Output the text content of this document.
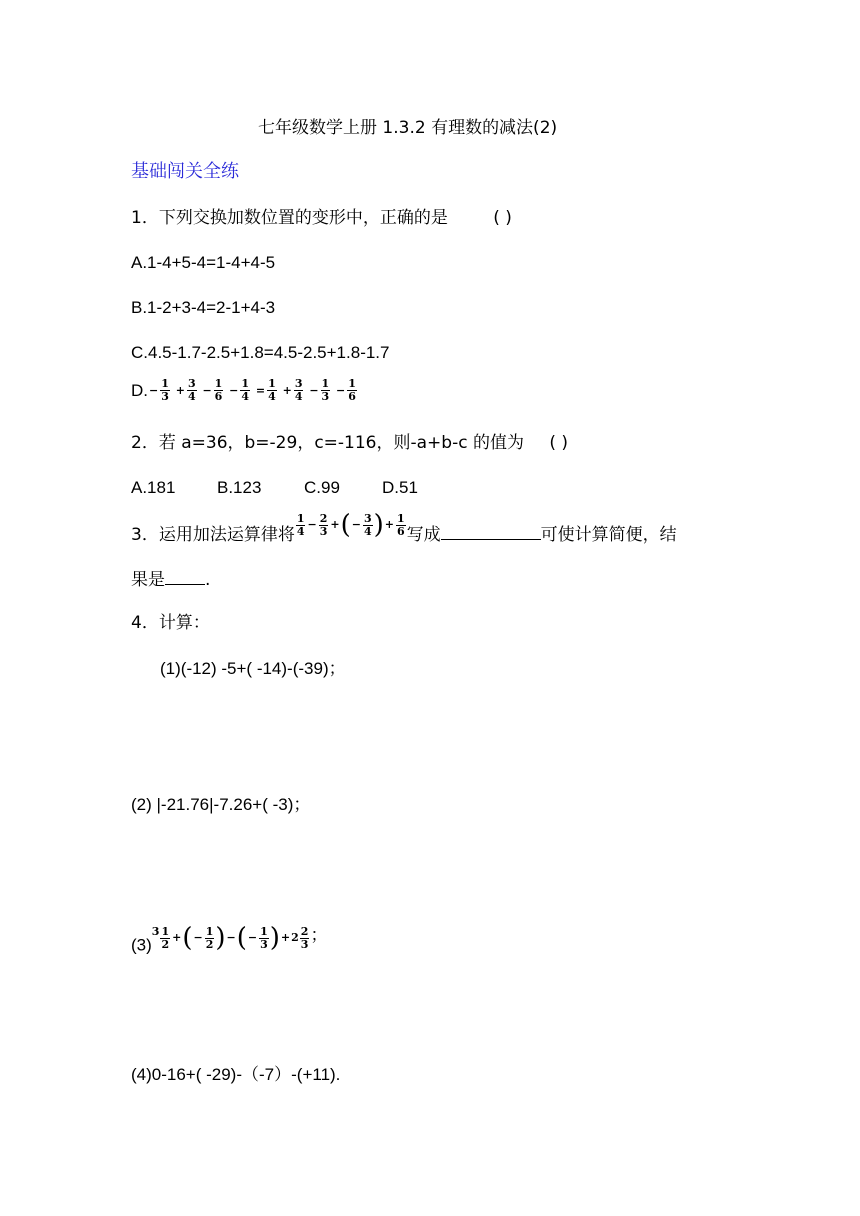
七年级数学上册 1.3.2 有理数的减法(2)
基础闯关全练
1．下列交换加数位置的变形中，正确的是	( )
A.1-4+5-4=1-4+4-5
B.1-2+3-4=2-1+4-3
C.4.5-1.7-2.5+1.8=4.5-2.5+1.8-1.7
$D.- \frac{1}{3} + \frac{3}{4} - \frac{1}{6} - \frac{1}{4} = \frac{1}{4} + \frac{3}{4} - \frac{1}{3} - \frac{1}{6}$
2．若 a=36，b=-29，c=-116，则-a+b-c 的值为 ( )
A.181 B.123	C.99 D.51
3．运用加法运算律将 $\frac{1}{4} - \frac{2}{3}$ +(− $\frac{3}{4}$ )+ $\frac{1}{6}$ 写成	可使计算简便，结
果是 .
4．计算：
(1)(-12) -5+( -14)-(-39)；
(2) |-21.76|-7.26+( -3)；
$(3)3 \frac{1}{2}$ +(− $\frac{1}{2}$ )−(− $\frac{1}{3} )+2 \frac{2}{3}$ ；
(4)0-16+( -29)-（-7）-(+11).
